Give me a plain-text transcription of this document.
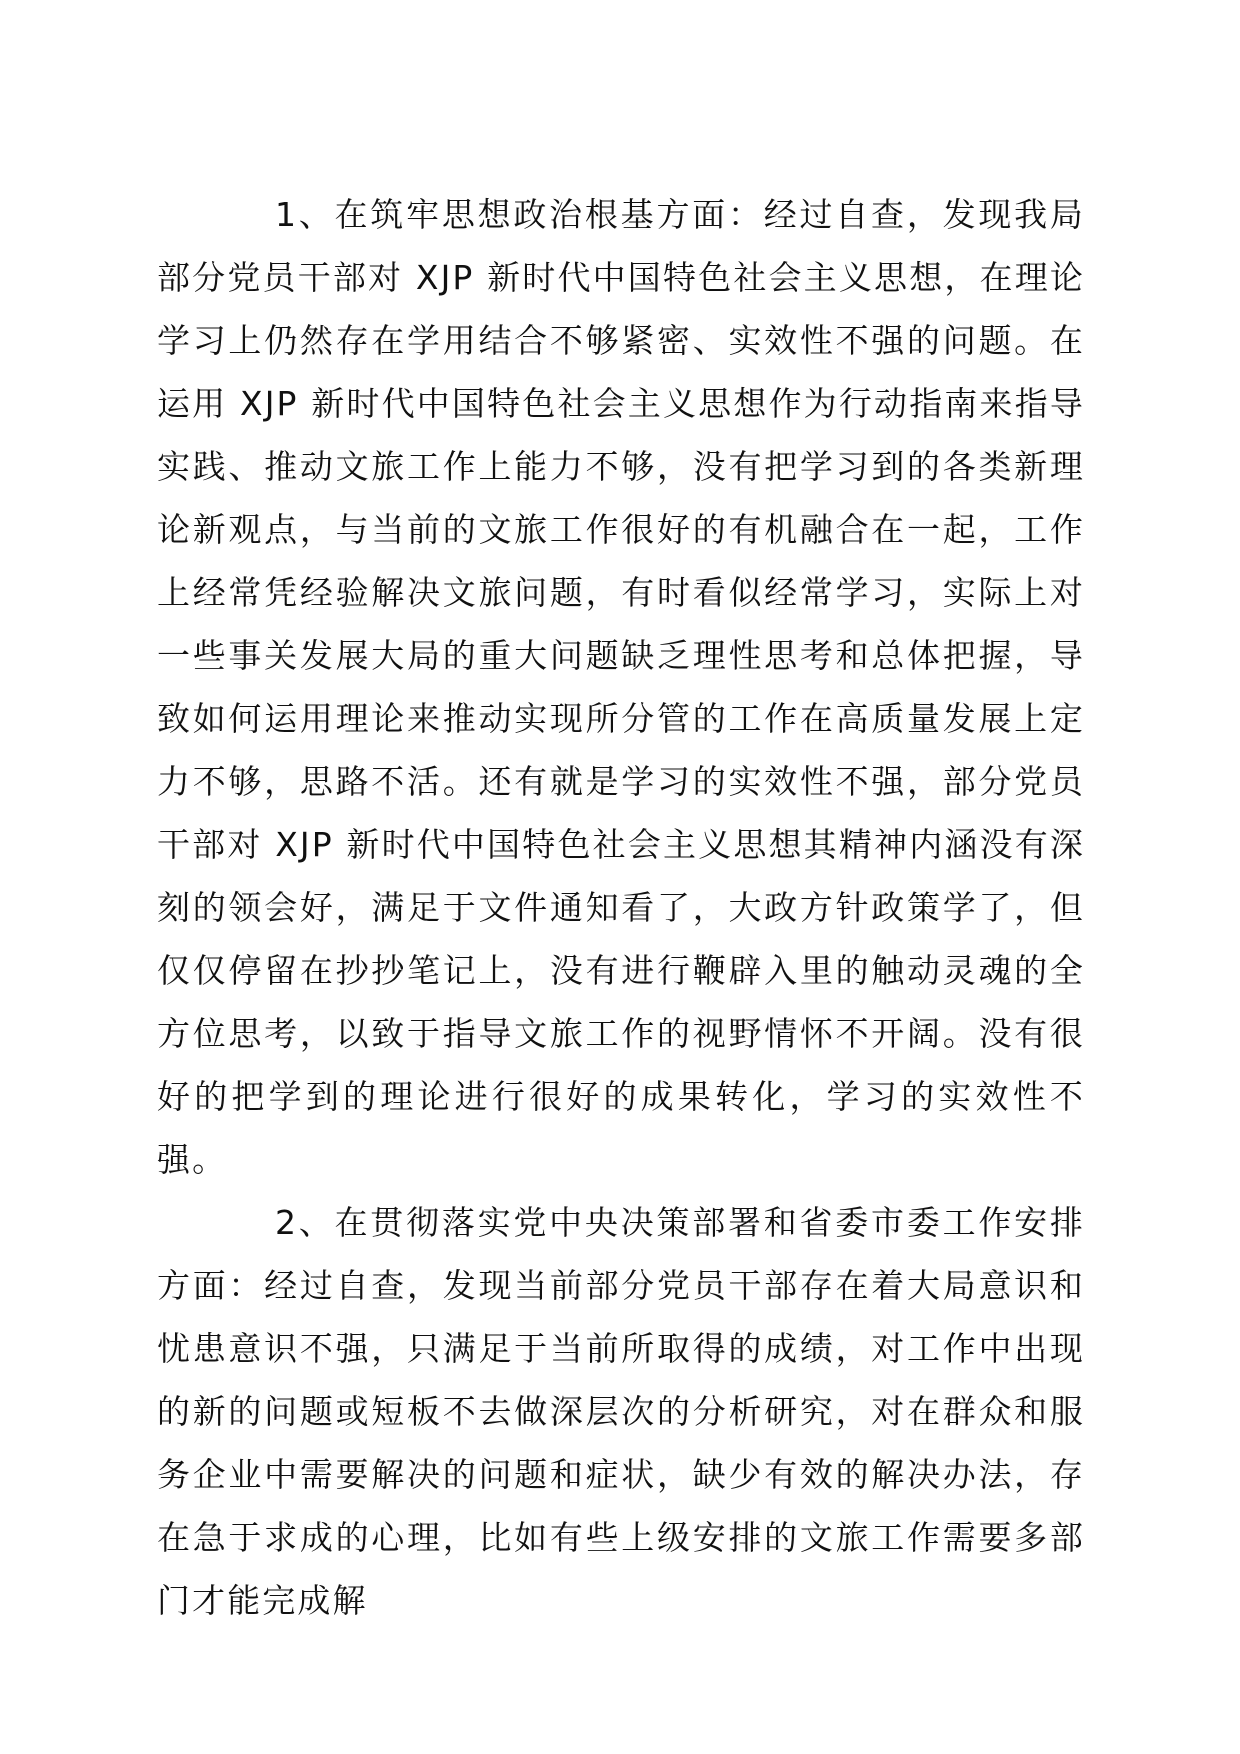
1、在筑牢思想政治根基方面：经过自查，发现我局部分党员干部对 XJP 新时代中国特色社会主义思想，在理论学习上仍然存在学用结合不够紧密、实效性不强的问题。在运用 XJP 新时代中国特色社会主义思想作为行动指南来指导实践、推动文旅工作上能力不够，没有把学习到的各类新理论新观点，与当前的文旅工作很好的有机融合在一起，工作上经常凭经验解决文旅问题，有时看似经常学习，实际上对一些事关发展大局的重大问题缺乏理性思考和总体把握，导致如何运用理论来推动实现所分管的工作在高质量发展上定力不够，思路不活。还有就是学习的实效性不强，部分党员干部对 XJP 新时代中国特色社会主义思想其精神内涵没有深刻的领会好，满足于文件通知看了，大政方针政策学了，但仅仅停留在抄抄笔记上，没有进行鞭辟入里的触动灵魂的全方位思考，以致于指导文旅工作的视野情怀不开阔。没有很好的把学到的理论进行很好的成果转化，学习的实效性不强。

2、在贯彻落实党中央决策部署和省委市委工作安排方面：经过自查，发现当前部分党员干部存在着大局意识和忧患意识不强，只满足于当前所取得的成绩，对工作中出现的新的问题或短板不去做深层次的分析研究，对在群众和服务企业中需要解决的问题和症状，缺少有效的解决办法，存在急于求成的心理，比如有些上级安排的文旅工作需要多部门才能完成解
